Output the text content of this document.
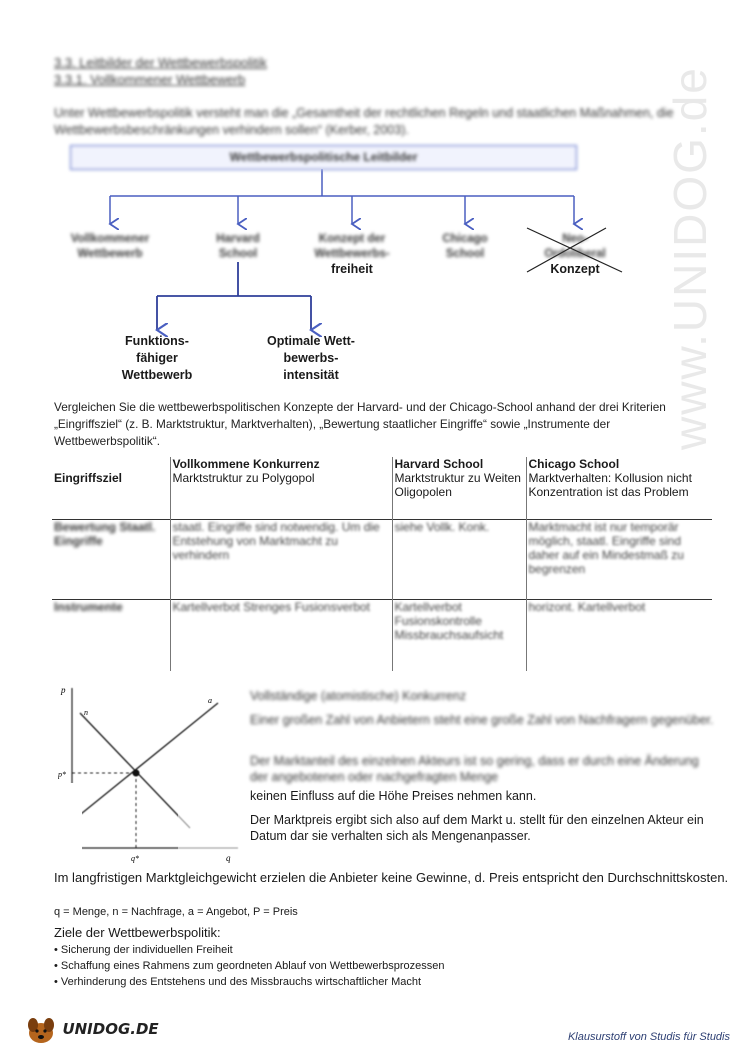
www.UNIDOG.de
3.3. Leitbilder der Wettbewerbspolitik
3.3.1. Vollkommener Wettbewerb
Unter Wettbewerbspolitik versteht man die „Gesamtheit der rechtlichen Regeln und staatlichen Maßnahmen, die Wettbewerbsbeschränkungen verhindern sollen“ (Kerber, 2003).
Wettbewerbspolitische Leitbilder
Vollkommener
Wettbewerb
Harvard
School
Konzept der
Wettbewerbs-
freiheit
Chicago
School
Neo-
Ordoliberal
Konzept
Funktions-
fähiger
Wettbewerb
Optimale Wett-
bewerbs-
intensität
Vergleichen Sie die wettbewerbspolitischen Konzepte der Harvard- und der Chicago-School anhand der drei Kriterien „Eingriffsziel“ (z. B. Marktstruktur, Marktverhalten), „Bewertung staatlicher Eingriffe“ sowie „Instrumente der Wettbewerbspolitik“.
	Vollkommene Konkurrenz	Harvard School	Chicago School
Eingriffsziel	Marktstruktur zu Polygopol	Marktstruktur zu Weiten Oligopolen	Marktverhalten: Kollusion nicht Konzentration ist das Problem
Bewertung Staatl. Eingriffe	staatl. Eingriffe sind notwendig. Um die Entstehung von Marktmacht zu verhindern	siehe Vollk. Konk.	Marktmacht ist nur temporär möglich, staatl. Eingriffe sind daher auf ein Mindestmaß zu begrenzen
Instrumente	Kartellverbot Strenges Fusionsverbot	Kartellverbot Fusionskontrolle Missbrauchsaufsicht	horizont. Kartellverbot
p
q
p*
q*
n
a	Vollständige (atomistische) Konkurrenz
Einer großen Zahl von Anbietern steht eine große Zahl von Nachfragern gegenüber.
Der Marktanteil des einzelnen Akteurs ist so gering, dass er durch eine Änderung der angebotenen oder nachgefragten Menge
keinen Einfluss auf die Höhe Preises nehmen kann.
Der Marktpreis ergibt sich also auf dem Markt u. stellt für den einzelnen Akteur ein Datum dar sie verhalten sich als Mengenanpasser.
Im langfristigen Marktgleichgewicht erzielen die Anbieter keine Gewinne, d. Preis entspricht den Durchschnittskosten.
q = Menge, n = Nachfrage, a = Angebot, P = Preis
Ziele der Wettbewerbspolitik:
• Sicherung der individuellen Freiheit
• Schaffung eines Rahmens zum geordneten Ablauf von Wettbewerbsprozessen
• Verhinderung des Entstehens und des Missbrauchs wirtschaftlicher Macht
UNIDOG.DE	Klausurstoff von Studis für Studis
